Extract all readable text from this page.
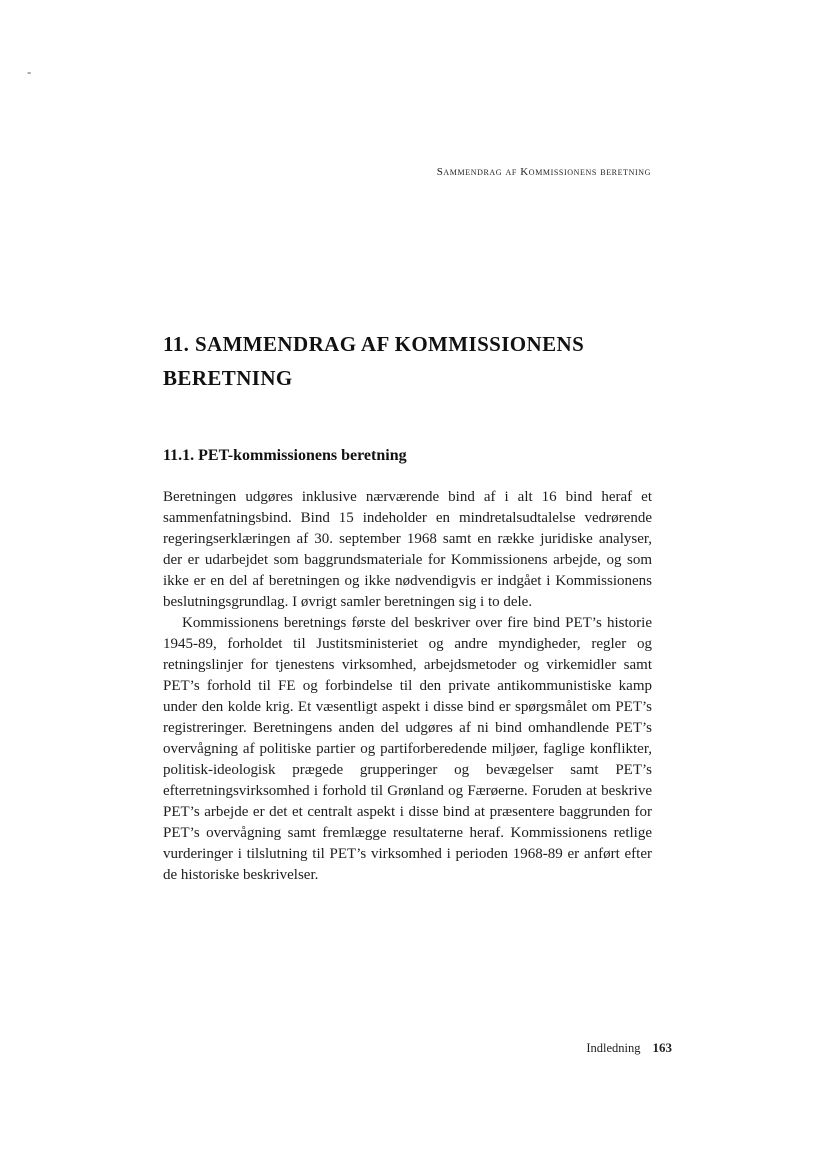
-
Sammendrag af Kommissionens beretning
11. SAMMENDRAG AF KOMMISSIONENS BERETNING
11.1. PET-kommissionens beretning

Beretningen udgøres inklusive nærværende bind af i alt 16 bind heraf et sammenfatningsbind. Bind 15 indeholder en mindretalsudtalelse vedrørende regeringserklæringen af 30. september 1968 samt en række juridiske analyser, der er udarbejdet som baggrundsmateriale for Kommissionens arbejde, og som ikke er en del af beretningen og ikke nødvendigvis er indgået i Kommissionens beslutningsgrundlag. I øvrigt samler beretningen sig i to dele.

Kommissionens beretnings første del beskriver over fire bind PET’s historie 1945-89, forholdet til Justitsministeriet og andre myndigheder, regler og retningslinjer for tjenestens virksomhed, arbejdsmetoder og virkemidler samt PET’s forhold til FE og forbindelse til den private antikommunistiske kamp under den kolde krig. Et væsentligt aspekt i disse bind er spørgsmålet om PET’s registreringer. Beretningens anden del udgøres af ni bind omhandlende PET’s overvågning af politiske partier og partiforberedende miljøer, faglige konflikter, politisk-ideologisk prægede grupperinger og bevægelser samt PET’s efterretningsvirksomhed i forhold til Grønland og Færøerne. Foruden at beskrive PET’s arbejde er det et centralt aspekt i disse bind at præsentere baggrunden for PET’s overvågning samt fremlægge resultaterne heraf. Kommissionens retlige vurderinger i tilslutning til PET’s virksomhed i perioden 1968-89 er anført efter de historiske beskrivelser.

Indledning 163
